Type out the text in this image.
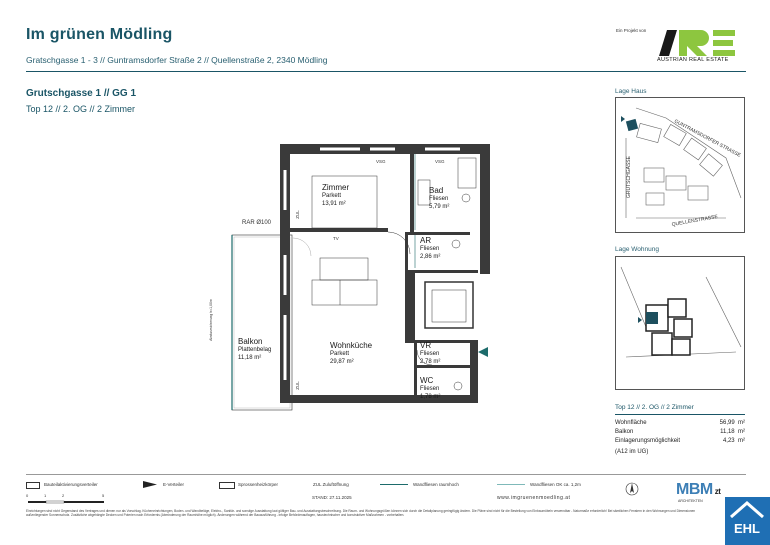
Im grünen Mödling
Gratschgasse 1 - 3 // Guntramsdorfer Straße 2 // Quellenstraße 2, 2340 Mödling
Ein Projekt von
ARE
AUSTRIAN REAL ESTATE
Grutschgasse 1 // GG 1
Top 12 // 2. OG // 2 Zimmer
Zimmer
Parkett
13,91 m²
Bad
Fliesen
5,79 m²
AR
Fliesen
2,86 m²
Wohnküche
Parkett
29,87 m²
VR
Fliesen
2,78 m²
WC
Fliesen
1,78 m²
Balkon
Plattenbelag
11,18 m²
RAR Ø100
ZUL
ZUL
TV
VSG	VSG
Absturzsicherung h=1,00m
Lage Haus
GUNTRAMSDORFER STRASSE
GRUTSCHGASSE
QUELLENSTRASSE
Lage Wohnung
Top 12 // 2. OG // 2 Zimmer
Wohnfläche	56,99 m²
Balkon	11,18 m²
Einlagerungsmöglichkeit	4,23 m²
(A12 im UG)
Bauteilaktivierungsverteiler	E-Verteiler	Sprossenheizkörper	ZUL Zuluftöffnung	Wandfliesen raumhoch	Wandfliesen OK ca. 1,2m
0	1	2	5	STAND: 27.11.2025	www.imgruenenmoedling.at	MBM zt
ARCHITEKTEN
Einrichtungen sind nicht Gegenstand des Vertrages und dienen nur als Vorschlag. Kücheneinrichtungen, Boden- und Wandbeläge, Elektro-, Sanitär- und sonstige Ausstattung laut gültiger Bau- und Ausstattungsbeschreibung. Die Raum- und Wohnungsgrößen können sich durch die Detailplanung geringfügig ändern. Die Pläne sind nicht für die Bestellung von Einbaumöbeln verwendbar - Naturmaße erforderlich! Bei sämtlichen Fenstern in den Wohnungen und Dimensionen außenliegender Sonnenschutz. Zusätzliche abgehängte Decken und Poterien nach Erfordernis (Abminderung der Raumhöhe möglich). Änderungen während der Bauausführung - infolge Behördenauflagen, haustechnischer und konstruktiver Maßnahmen - vorbehalten.
EHL
